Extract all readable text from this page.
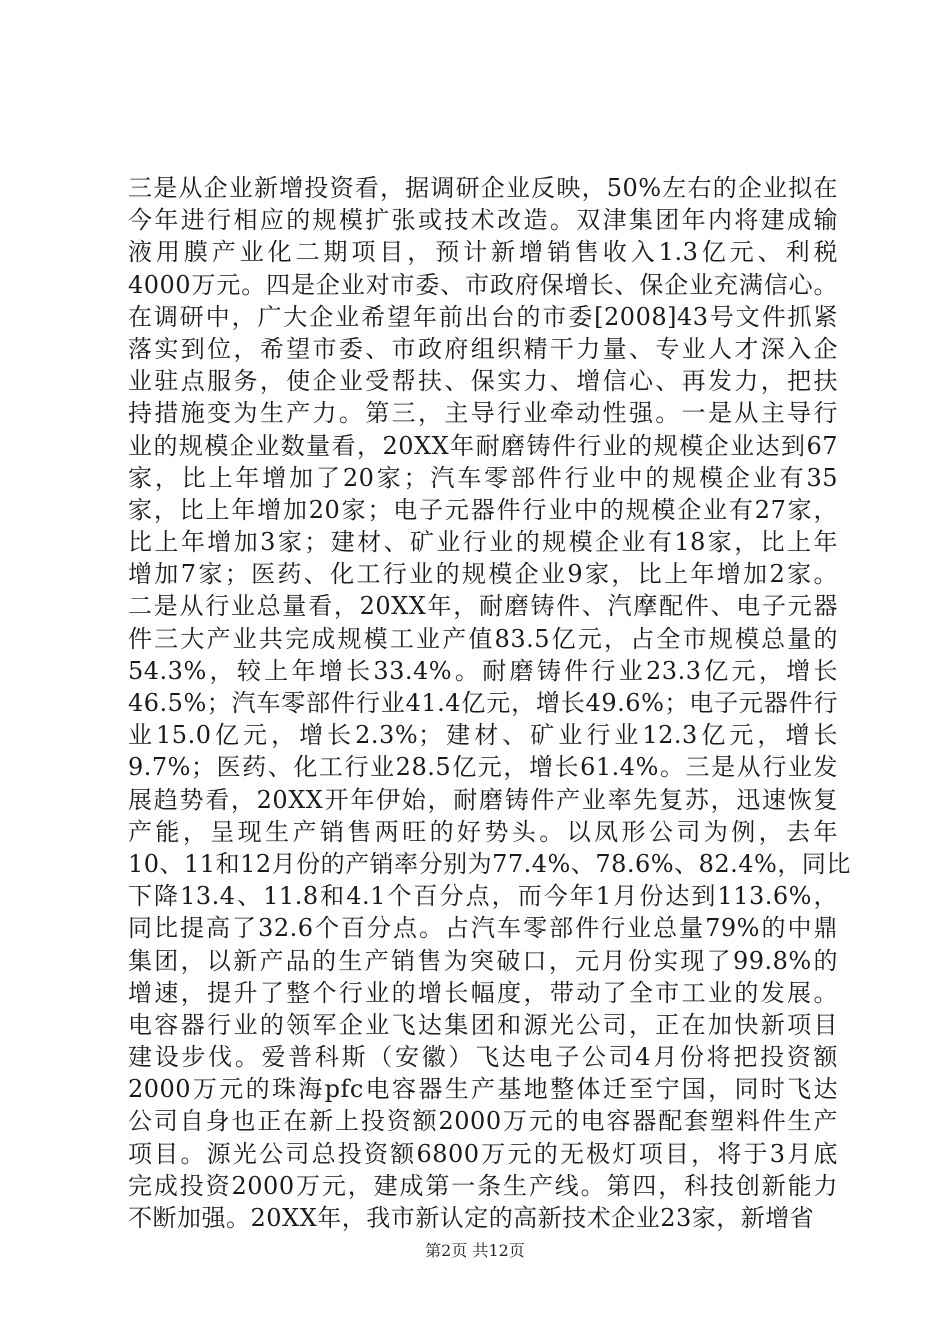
三是从企业新增投资看，据调研企业反映，50%左右的企业拟在
今年进行相应的规模扩张或技术改造。双津集团年内将建成输
液用膜产业化二期项目，预计新增销售收入1.3亿元、利税
4000万元。四是企业对市委、市政府保增长、保企业充满信心。
在调研中，广大企业希望年前出台的市委[2008]43号文件抓紧
落实到位，希望市委、市政府组织精干力量、专业人才深入企
业驻点服务，使企业受帮扶、保实力、增信心、再发力，把扶
持措施变为生产力。第三，主导行业牵动性强。一是从主导行
业的规模企业数量看，20XX年耐磨铸件行业的规模企业达到67
家，比上年增加了20家；汽车零部件行业中的规模企业有35
家，比上年增加20家；电子元器件行业中的规模企业有27家，
比上年增加3家；建材、矿业行业的规模企业有18家，比上年
增加7家；医药、化工行业的规模企业9家，比上年增加2家。
二是从行业总量看，20XX年，耐磨铸件、汽摩配件、电子元器
件三大产业共完成规模工业产值83.5亿元，占全市规模总量的
54.3%，较上年增长33.4%。耐磨铸件行业23.3亿元，增长
46.5%；汽车零部件行业41.4亿元，增长49.6%；电子元器件行
业15.0亿元，增长2.3%；建材、矿业行业12.3亿元，增长
9.7%；医药、化工行业28.5亿元，增长61.4%。三是从行业发
展趋势看，20XX开年伊始，耐磨铸件产业率先复苏，迅速恢复
产能，呈现生产销售两旺的好势头。以凤形公司为例，去年
10、11和12月份的产销率分别为77.4%、78.6%、82.4%，同比
下降13.4、11.8和4.1个百分点，而今年1月份达到113.6%，
同比提高了32.6个百分点。占汽车零部件行业总量79%的中鼎
集团，以新产品的生产销售为突破口，元月份实现了99.8%的
增速，提升了整个行业的增长幅度，带动了全市工业的发展。
电容器行业的领军企业飞达集团和源光公司，正在加快新项目
建设步伐。爱普科斯（安徽）飞达电子公司4月份将把投资额
2000万元的珠海pfc电容器生产基地整体迁至宁国，同时飞达
公司自身也正在新上投资额2000万元的电容器配套塑料件生产
项目。源光公司总投资额6800万元的无极灯项目，将于3月底
完成投资2000万元，建成第一条生产线。第四，科技创新能力
不断加强。20XX年，我市新认定的高新技术企业23家，新增省
第2页 共12页
